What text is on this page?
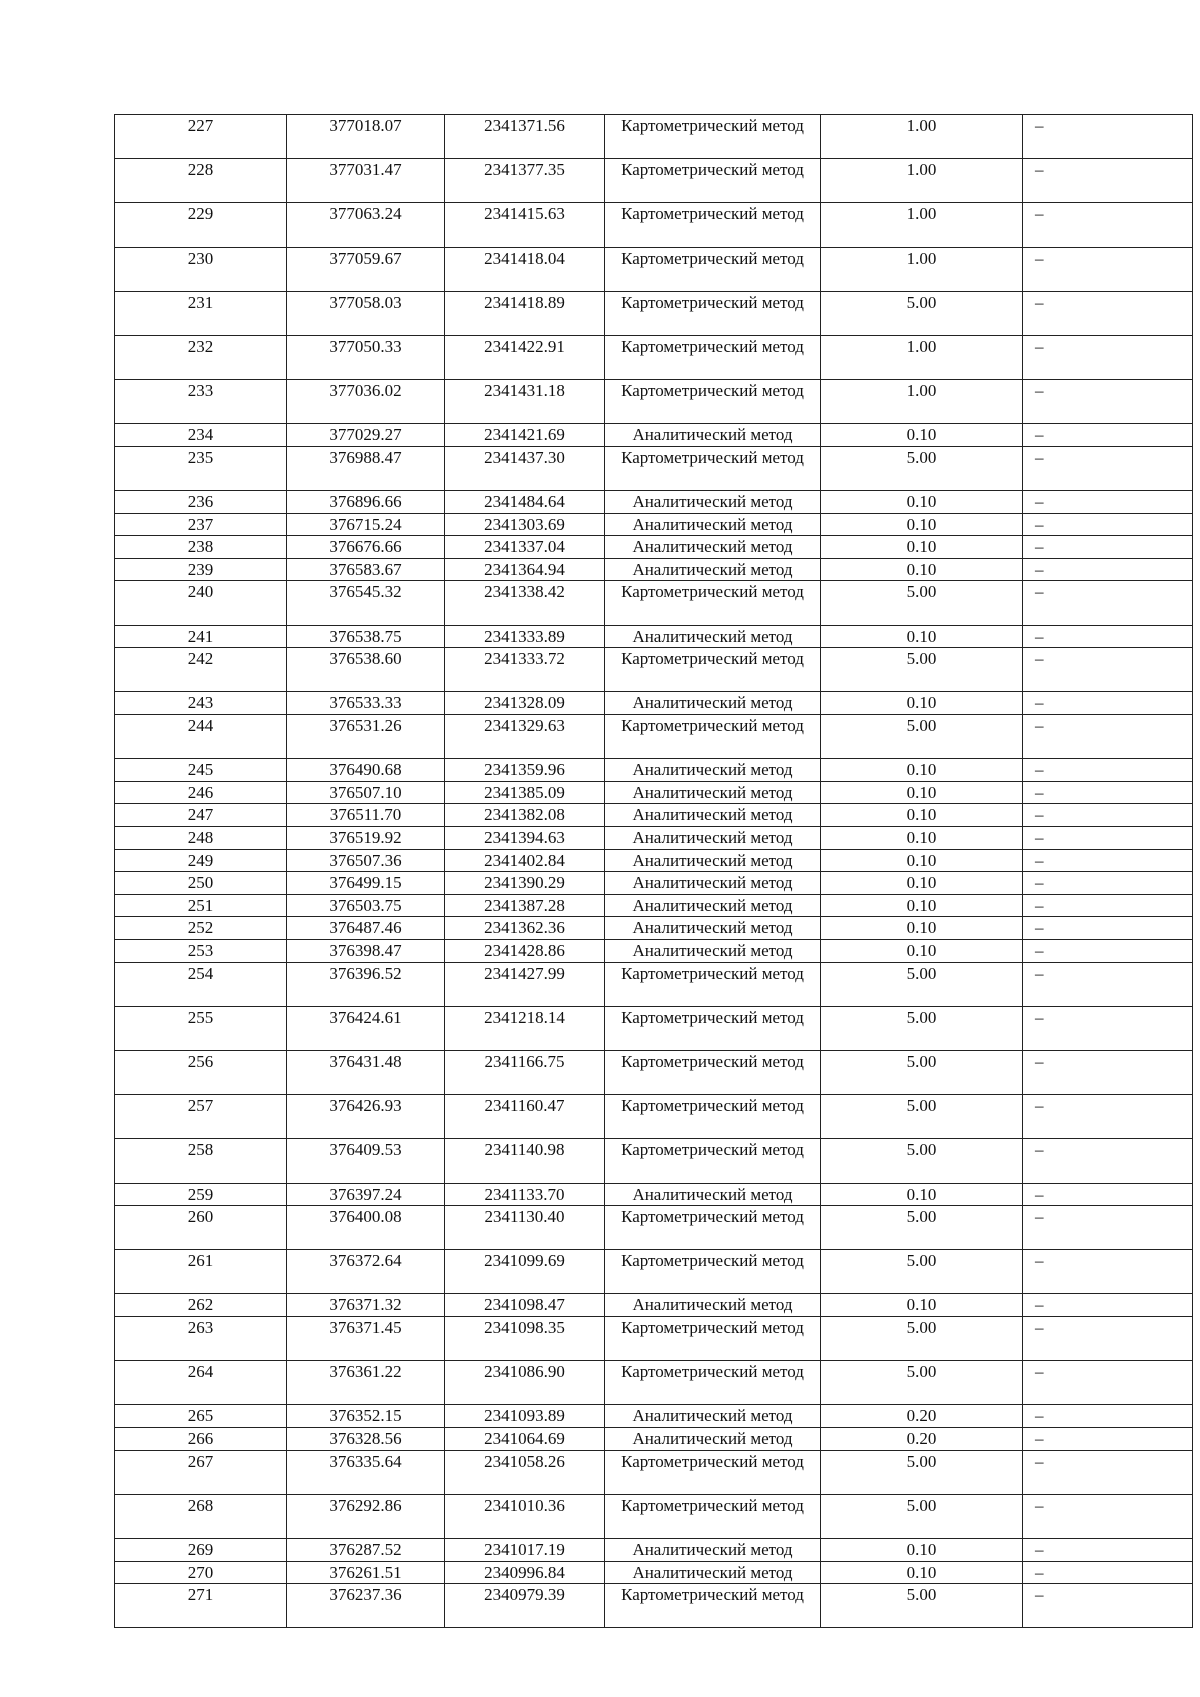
227	377018.07	2341371.56	Картометрический метод	1.00	–
228	377031.47	2341377.35	Картометрический метод	1.00	–
229	377063.24	2341415.63	Картометрический метод	1.00	–
230	377059.67	2341418.04	Картометрический метод	1.00	–
231	377058.03	2341418.89	Картометрический метод	5.00	–
232	377050.33	2341422.91	Картометрический метод	1.00	–
233	377036.02	2341431.18	Картометрический метод	1.00	–
234	377029.27	2341421.69	Аналитический метод	0.10	–
235	376988.47	2341437.30	Картометрический метод	5.00	–
236	376896.66	2341484.64	Аналитический метод	0.10	–
237	376715.24	2341303.69	Аналитический метод	0.10	–
238	376676.66	2341337.04	Аналитический метод	0.10	–
239	376583.67	2341364.94	Аналитический метод	0.10	–
240	376545.32	2341338.42	Картометрический метод	5.00	–
241	376538.75	2341333.89	Аналитический метод	0.10	–
242	376538.60	2341333.72	Картометрический метод	5.00	–
243	376533.33	2341328.09	Аналитический метод	0.10	–
244	376531.26	2341329.63	Картометрический метод	5.00	–
245	376490.68	2341359.96	Аналитический метод	0.10	–
246	376507.10	2341385.09	Аналитический метод	0.10	–
247	376511.70	2341382.08	Аналитический метод	0.10	–
248	376519.92	2341394.63	Аналитический метод	0.10	–
249	376507.36	2341402.84	Аналитический метод	0.10	–
250	376499.15	2341390.29	Аналитический метод	0.10	–
251	376503.75	2341387.28	Аналитический метод	0.10	–
252	376487.46	2341362.36	Аналитический метод	0.10	–
253	376398.47	2341428.86	Аналитический метод	0.10	–
254	376396.52	2341427.99	Картометрический метод	5.00	–
255	376424.61	2341218.14	Картометрический метод	5.00	–
256	376431.48	2341166.75	Картометрический метод	5.00	–
257	376426.93	2341160.47	Картометрический метод	5.00	–
258	376409.53	2341140.98	Картометрический метод	5.00	–
259	376397.24	2341133.70	Аналитический метод	0.10	–
260	376400.08	2341130.40	Картометрический метод	5.00	–
261	376372.64	2341099.69	Картометрический метод	5.00	–
262	376371.32	2341098.47	Аналитический метод	0.10	–
263	376371.45	2341098.35	Картометрический метод	5.00	–
264	376361.22	2341086.90	Картометрический метод	5.00	–
265	376352.15	2341093.89	Аналитический метод	0.20	–
266	376328.56	2341064.69	Аналитический метод	0.20	–
267	376335.64	2341058.26	Картометрический метод	5.00	–
268	376292.86	2341010.36	Картометрический метод	5.00	–
269	376287.52	2341017.19	Аналитический метод	0.10	–
270	376261.51	2340996.84	Аналитический метод	0.10	–
271	376237.36	2340979.39	Картометрический метод	5.00	–
